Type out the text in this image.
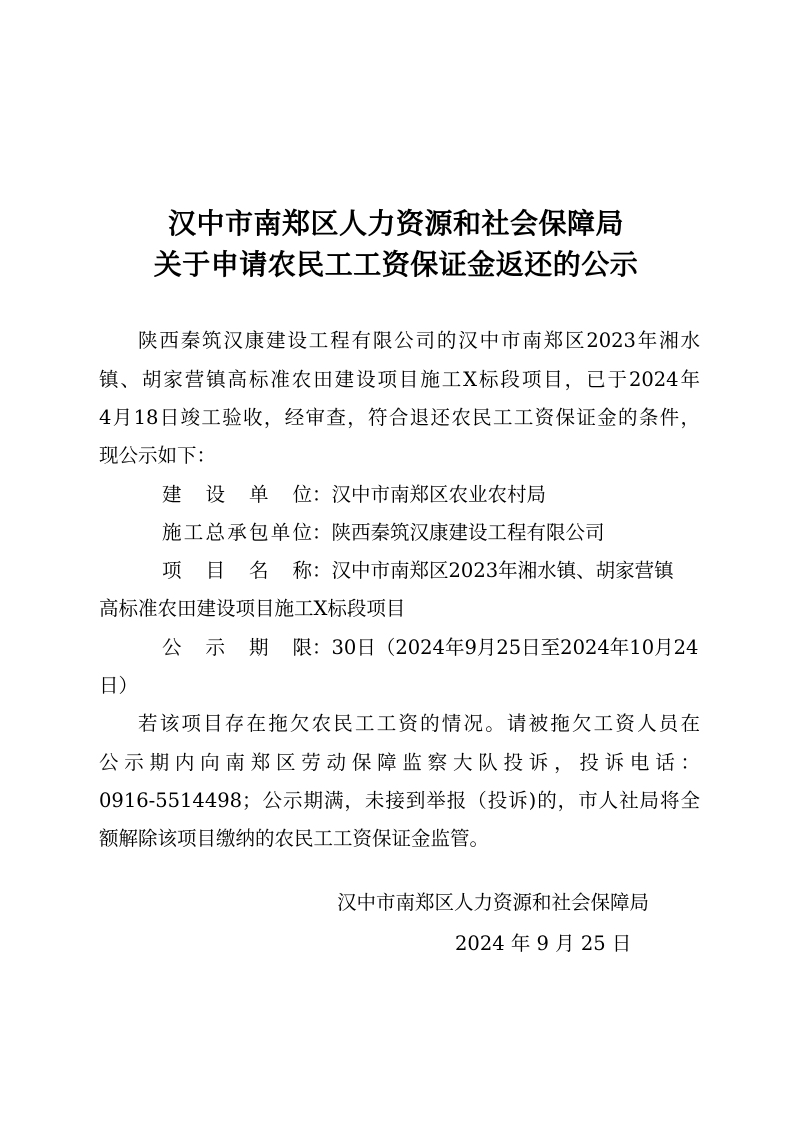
汉中市南郑区人力资源和社会保障局
关于申请农民工工资保证金返还的公示
陕西秦筑汉康建设工程有限公司的汉中市南郑区2023年湘水
镇、胡家营镇高标准农田建设项目施工X标段项目，已于2024年
4月18日竣工验收，经审查，符合退还农民工工资保证金的条件，
现公示如下：
建设单位：汉中市南郑区农业农村局
施工总承包单位：陕西秦筑汉康建设工程有限公司
项目名称：汉中市南郑区2023年湘水镇、胡家营镇
高标准农田建设项目施工X标段项目
公示期限：30日（2024年9月25日至2024年10月24
日）
若该项目存在拖欠农民工工资的情况。请被拖欠工资人员在
公示期内向南郑区劳动保障监察大队投诉，投诉电话：
0916-5514498；公示期满，未接到举报（投诉)的，市人社局将全
额解除该项目缴纳的农民工工资保证金监管。
汉中市南郑区人力资源和社会保障局
2024 年 9 月 25 日
